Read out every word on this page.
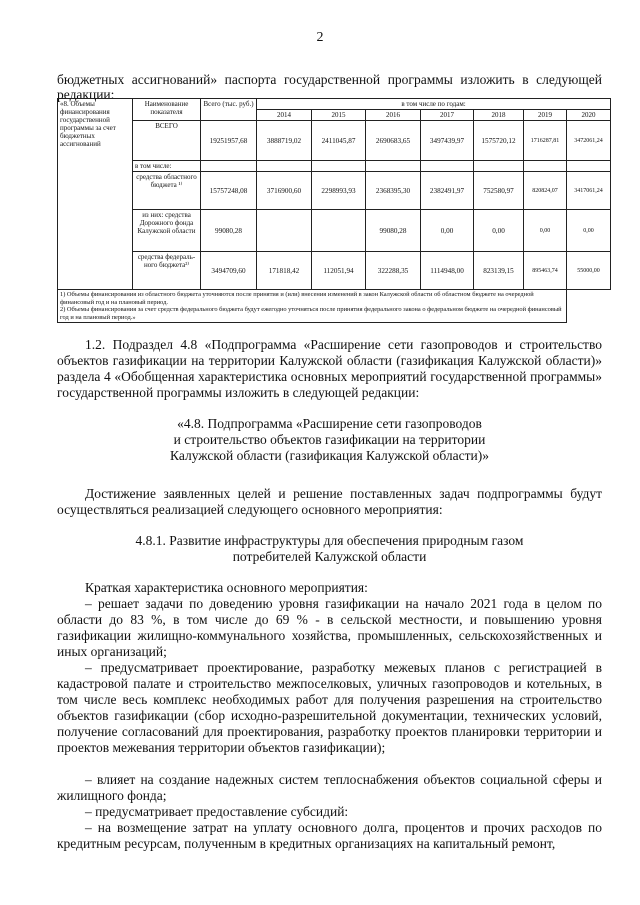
2
бюджетных ассигнований» паспорта государственной программы изложить в следующей редакции:
«8. Объемы финансирования государственной программы за счет бюджетных ассигнований	Наименование показателя	Всего (тыс. руб.)	в том числе по годам:						
			2014	2015	2016	2017	2018	2019	2020
	ВСЕГО	19251957,68	3888719,02	2411045,87	2690683,65	3497439,97	1575720,12	1716287,81	3472061,24
	в том числе:								
	средства областного бюджета ¹⁾	15757248,08	3716900,60	2298993,93	2368395,30	2382491,97	752580,97	820824,07	3417061,24
	из них: средства Дорожного фонда Калужской области	99080,28			99080,28	0,00	0,00	0,00	0,00
	средства федераль-ного бюджета²⁾	3494709,60	171818,42	112051,94	322288,35	1114948,00	823139,15	895463,74	55000,00

1) Объемы финансирования из областного бюджета уточняются после принятия и (или) внесения изменений в закон Калужской области об областном бюджете на очередной финансовый год и на плановый период.
2) Объемы финансирования за счет средств федерального бюджета будут ежегодно уточняться после принятия федерального закона о федеральном бюджете на очередной финансовый год и на плановый период.»									
1.2. Подраздел 4.8 «Подпрограмма «Расширение сети газопроводов и строительство объектов газификации на территории Калужской области (газификация Калужской области)» раздела 4 «Обобщенная характеристика основных мероприятий государственной программы» государственной программы изложить в следующей редакции:
«4.8. Подпрограмма «Расширение сети газопроводов
и строительство объектов газификации на территории
Калужской области (газификация Калужской области)»
Достижение заявленных целей и решение поставленных задач подпрограммы будут осуществляться реализацией следующего основного мероприятия:
4.8.1. Развитие инфраструктуры для обеспечения природным газом
потребителей Калужской области
Краткая характеристика основного мероприятия:
– решает задачи по доведению уровня газификации на начало 2021 года в целом по области до 83 %, в том числе до 69 % - в сельской местности, и повышению уровня газификации жилищно-коммунального хозяйства, промышленных, сельскохозяйственных и иных организаций;
– предусматривает проектирование, разработку межевых планов с регистрацией в кадастровой палате и строительство межпоселковых, уличных газопроводов и котельных, в том числе весь комплекс необходимых работ для получения разрешения на строительство объектов газификации (сбор исходно-разрешительной документации, технических условий, получение согласований для проектирования, разработку проектов планировки территории и проектов межевания территории объектов газификации);
– влияет на создание надежных систем теплоснабжения объектов социальной сферы и жилищного фонда;
– предусматривает предоставление субсидий:
– на возмещение затрат на уплату основного долга, процентов и прочих расходов по кредитным ресурсам, полученным в кредитных организациях на капитальный ремонт,
